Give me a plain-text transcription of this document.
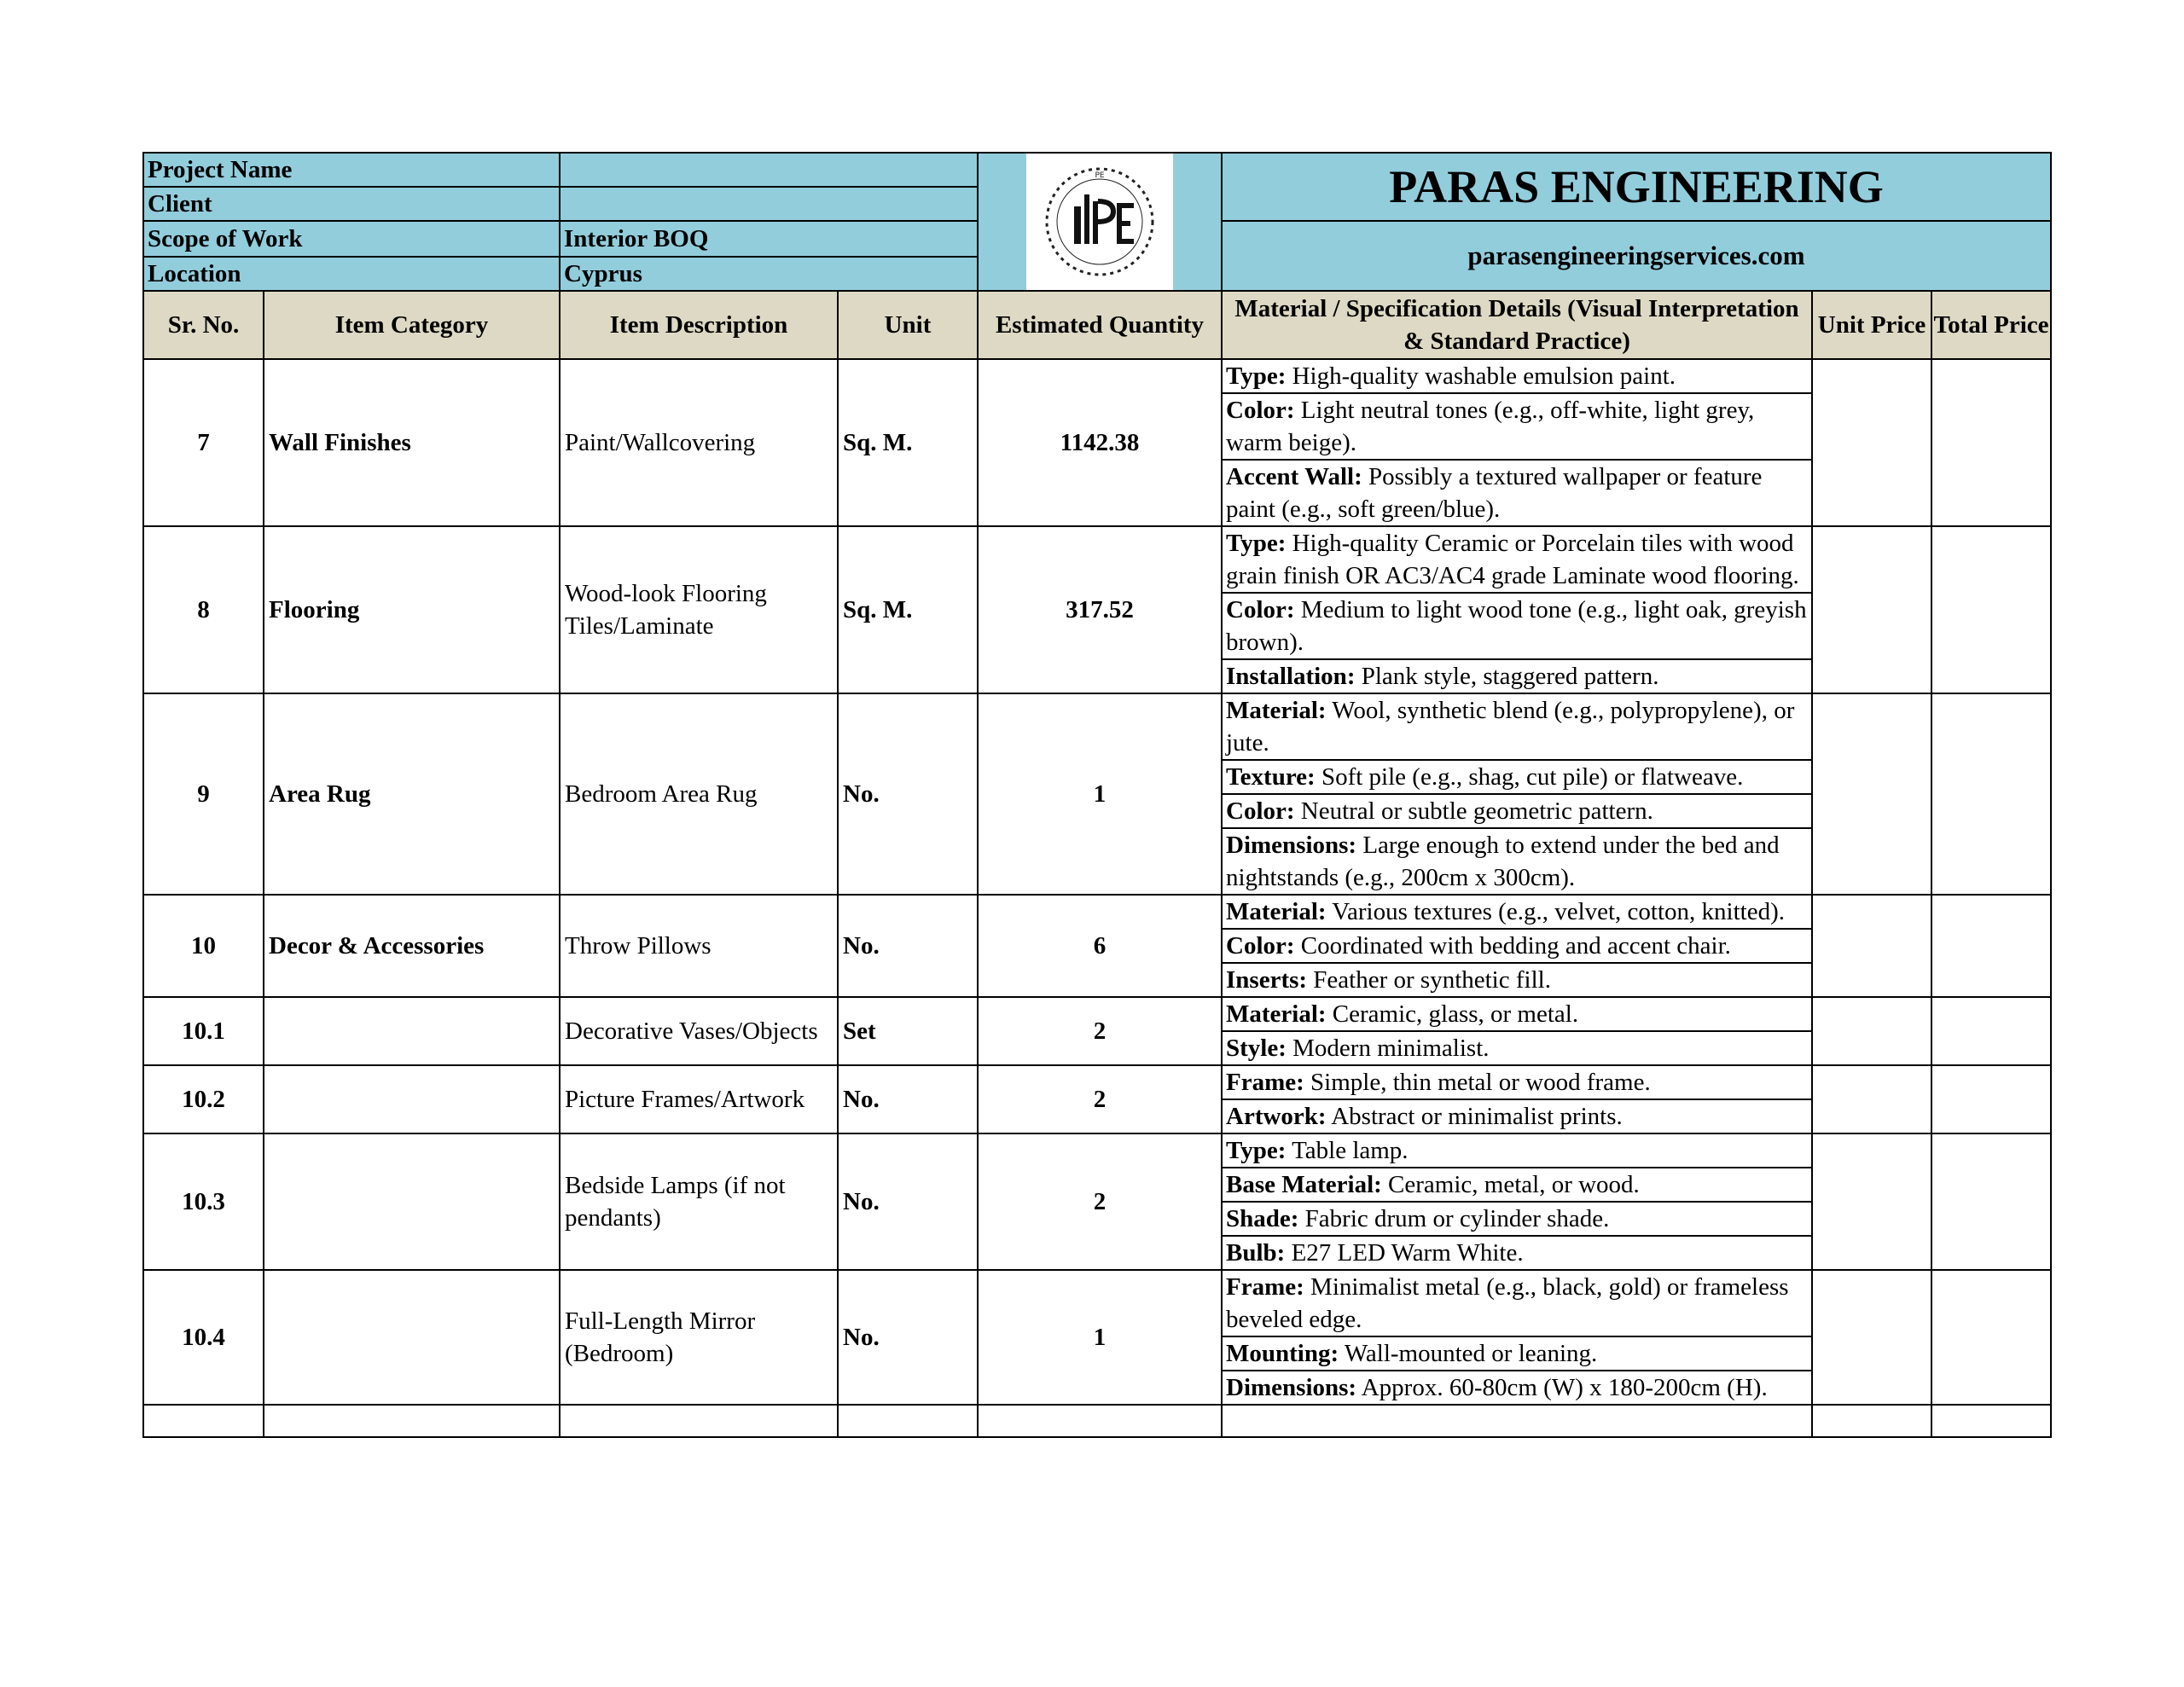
Project Name				PE	PARAS ENGINEERING		
Client							
Scope of Work		Interior BOQ			parasengineeringservices.com		
Location		Cyprus					
Sr. No.	Item Category	Item Description	Unit	Estimated Quantity	Material / Specification Details (Visual Interpretation & Standard Practice)	Unit Price	Total Price
7	Wall Finishes	Paint/Wallcovering	Sq. M.	1142.38	Type: High-quality washable emulsion paint.
Color: Light neutral tones (e.g., off-white, light grey, warm beige).
Accent Wall: Possibly a textured wallpaper or feature paint (e.g., soft green/blue).		

8	Flooring	Wood-look Flooring Tiles/Laminate	Sq. M.	317.52	Type: High-quality Ceramic or Porcelain tiles with wood grain finish OR AC3/AC4 grade Laminate wood flooring.
Color: Medium to light wood tone (e.g., light oak, greyish brown).
Installation: Plank style, staggered pattern.		

9	Area Rug	Bedroom Area Rug	No.	1	Material: Wool, synthetic blend (e.g., polypropylene), or jute.
Texture: Soft pile (e.g., shag, cut pile) or flatweave.
Color: Neutral or subtle geometric pattern.
Dimensions: Large enough to extend under the bed and nightstands (e.g., 200cm x 300cm).		

10	Decor & Accessories	Throw Pillows	No.	6	Material: Various textures (e.g., velvet, cotton, knitted).
Color: Coordinated with bedding and accent chair.
Inserts: Feather or synthetic fill.		

10.1		Decorative Vases/Objects	Set	2	Material: Ceramic, glass, or metal.
Style: Modern minimalist.		

10.2		Picture Frames/Artwork	No.	2	Frame: Simple, thin metal or wood frame.
Artwork: Abstract or minimalist prints.		

10.3		Bedside Lamps (if not pendants)	No.	2	Type: Table lamp.
Base Material: Ceramic, metal, or wood.
Shade: Fabric drum or cylinder shade.
Bulb: E27 LED Warm White.		

10.4		Full-Length Mirror (Bedroom)	No.	1	Frame: Minimalist metal (e.g., black, gold) or frameless beveled edge.
Mounting: Wall-mounted or leaning.
Dimensions: Approx. 60-80cm (W) x 180-200cm (H).		
